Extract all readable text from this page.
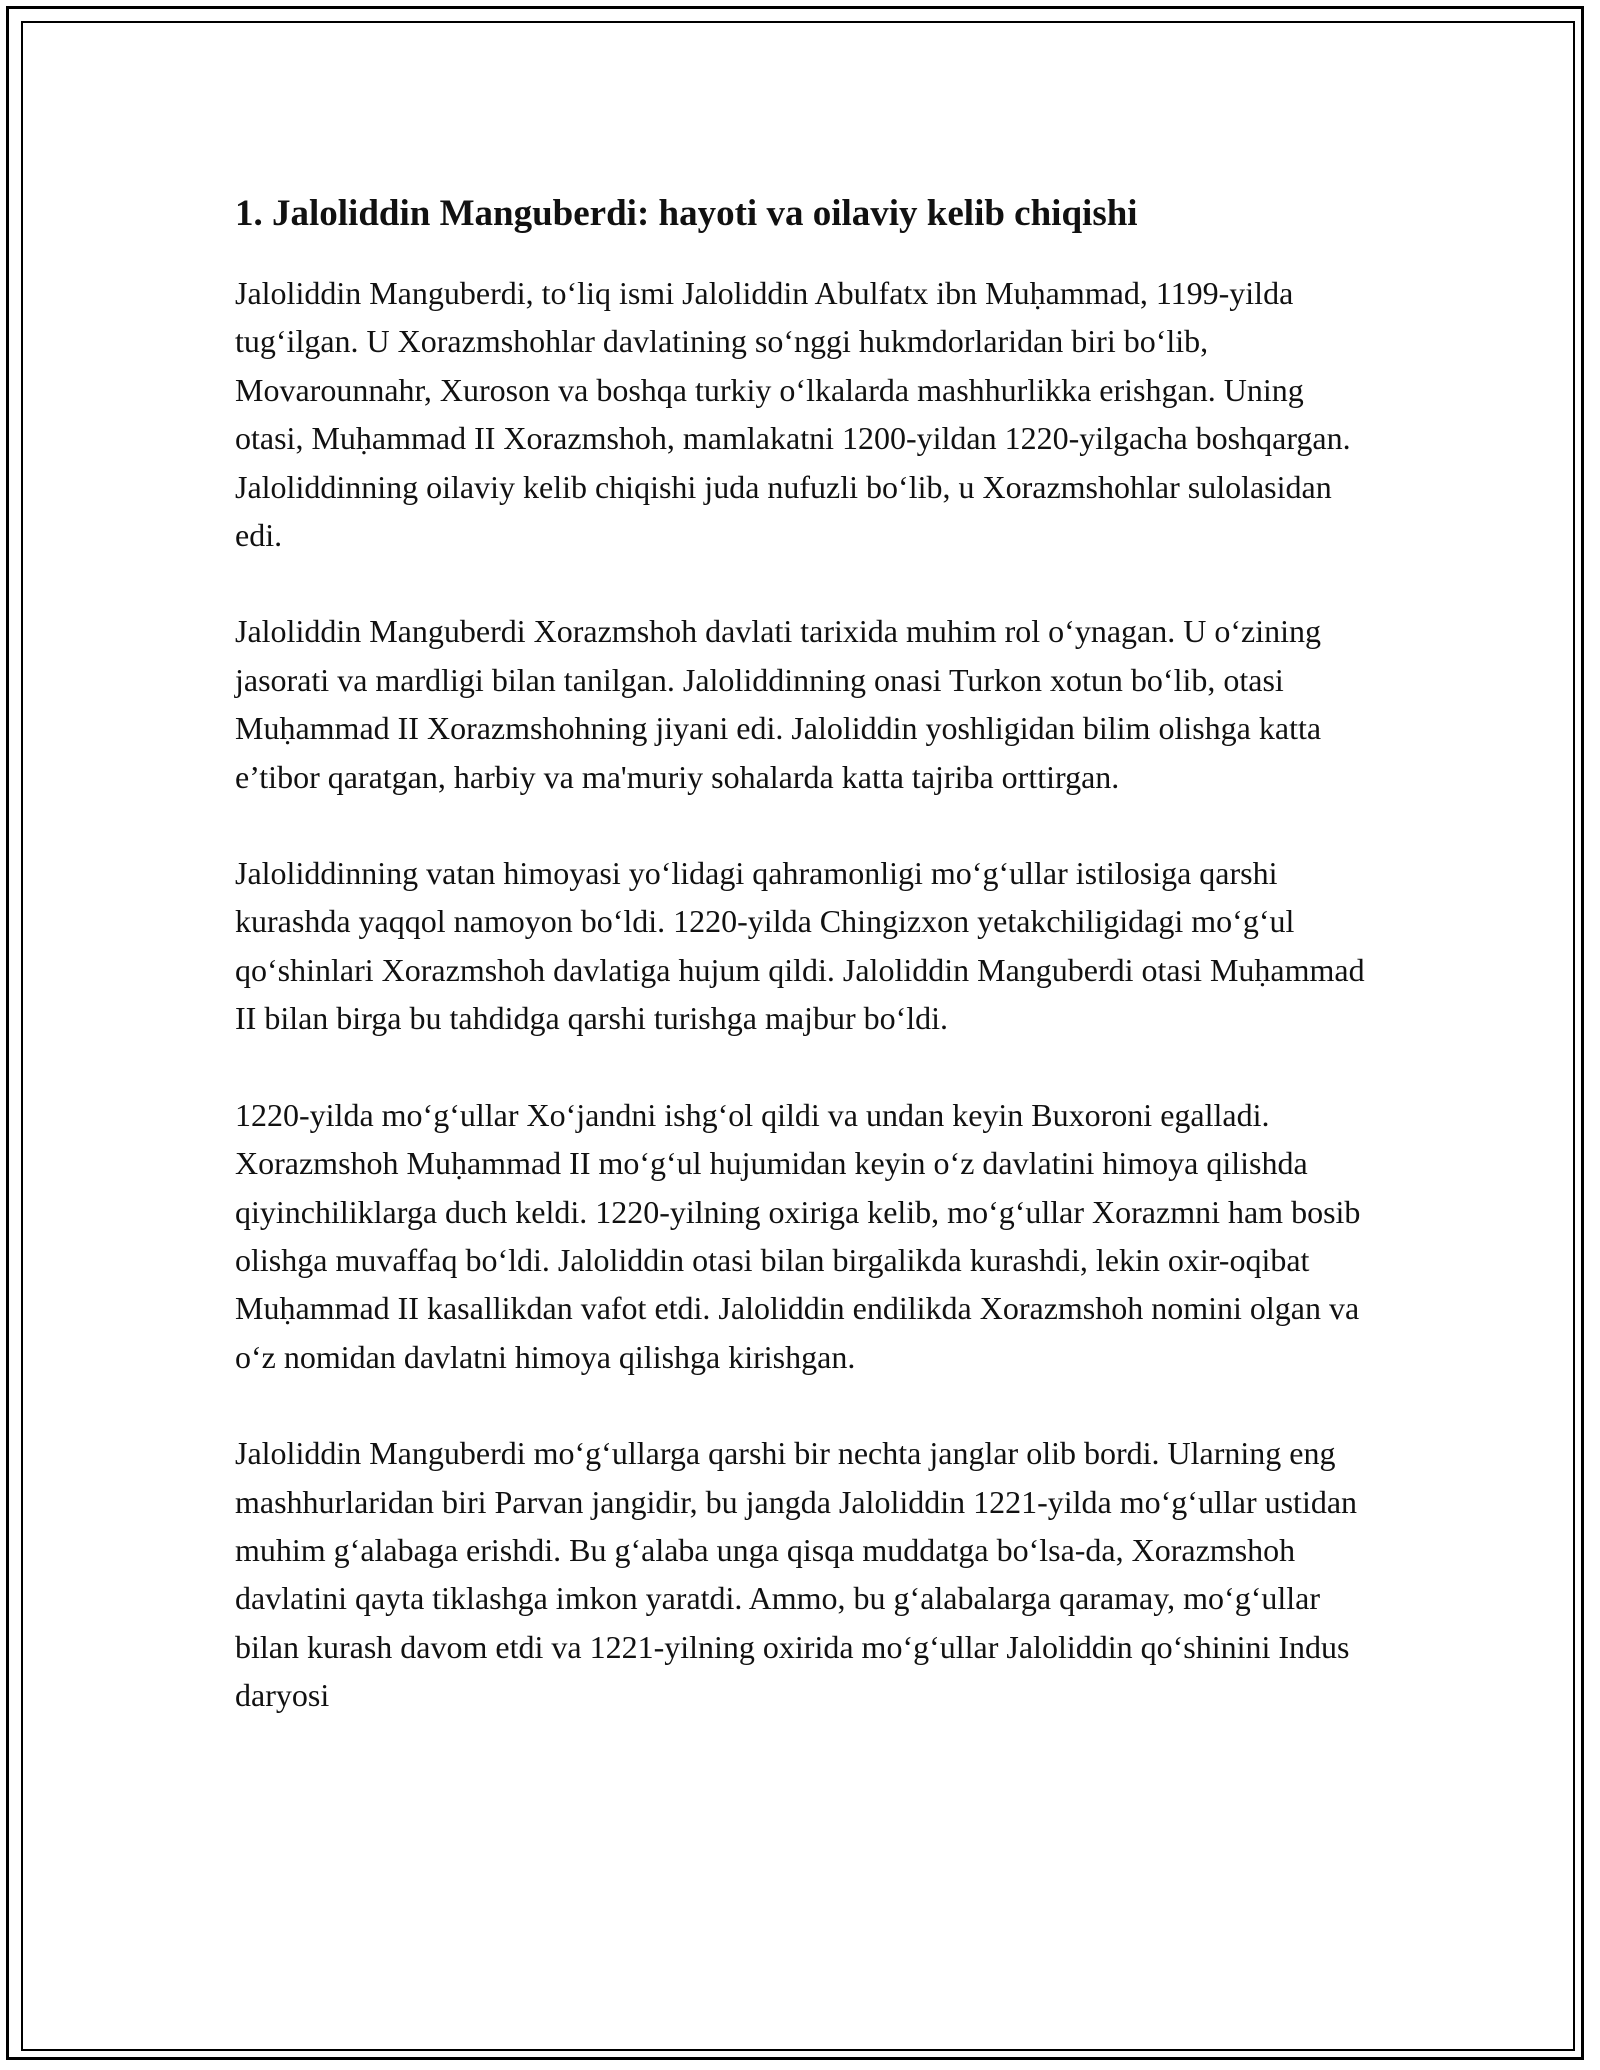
1. Jaloliddin Manguberdi: hayoti va oilaviy kelib chiqishi

Jaloliddin Manguberdi, to‘liq ismi Jaloliddin Abulfatx ibn Muḥammad, 1199-yilda tug‘ilgan. U Xorazmshohlar davlatining so‘nggi hukmdorlaridan biri bo‘lib, Movarounnahr, Xuroson va boshqa turkiy o‘lkalarda mashhurlikka erishgan. Uning otasi, Muḥammad II Xorazmshoh, mamlakatni 1200-yildan 1220-yilgacha boshqargan. Jaloliddinning oilaviy kelib chiqishi juda nufuzli bo‘lib, u Xorazmshohlar sulolasidan edi.

Jaloliddin Manguberdi Xorazmshoh davlati tarixida muhim rol o‘ynagan. U o‘zining jasorati va mardligi bilan tanilgan. Jaloliddinning onasi Turkon xotun bo‘lib, otasi Muḥammad II Xorazmshohning jiyani edi. Jaloliddin yoshligidan bilim olishga katta e’tibor qaratgan, harbiy va ma'muriy sohalarda katta tajriba orttirgan.

Jaloliddinning vatan himoyasi yo‘lidagi qahramonligi mo‘g‘ullar istilosiga qarshi kurashda yaqqol namoyon bo‘ldi. 1220-yilda Chingizxon yetakchiligidagi mo‘g‘ul qo‘shinlari Xorazmshoh davlatiga hujum qildi. Jaloliddin Manguberdi otasi Muḥammad II bilan birga bu tahdidga qarshi turishga majbur bo‘ldi.

1220-yilda mo‘g‘ullar Xo‘jandni ishg‘ol qildi va undan keyin Buxoroni egalladi. Xorazmshoh Muḥammad II mo‘g‘ul hujumidan keyin o‘z davlatini himoya qilishda qiyinchiliklarga duch keldi. 1220-yilning oxiriga kelib, mo‘g‘ullar Xorazmni ham bosib olishga muvaffaq bo‘ldi. Jaloliddin otasi bilan birgalikda kurashdi, lekin oxir-oqibat Muḥammad II kasallikdan vafot etdi. Jaloliddin endilikda Xorazmshoh nomini olgan va o‘z nomidan davlatni himoya qilishga kirishgan.

Jaloliddin Manguberdi mo‘g‘ullarga qarshi bir nechta janglar olib bordi. Ularning eng mashhurlaridan biri Parvan jangidir, bu jangda Jaloliddin 1221-yilda mo‘g‘ullar ustidan muhim g‘alabaga erishdi. Bu g‘alaba unga qisqa muddatga bo‘lsa-da, Xorazmshoh davlatini qayta tiklashga imkon yaratdi. Ammo, bu g‘alabalarga qaramay, mo‘g‘ullar bilan kurash davom etdi va 1221-yilning oxirida mo‘g‘ullar Jaloliddin qo‘shinini Indus daryosi
